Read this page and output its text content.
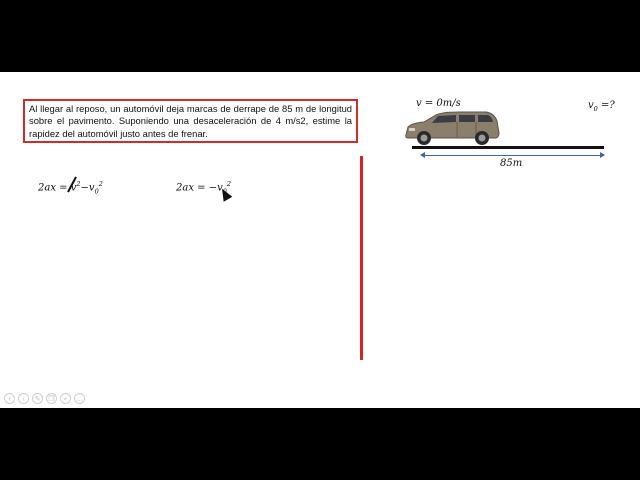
Al llegar al reposo, un automóvil deja marcas de derrape de 85 m de longitud sobre el pavimento. Suponiendo una desaceleración de 4 m/s2, estime la rapidez del automóvil justo antes de frenar.
$2ax = v^2-v_0^2$	$2ax = -v_0^2$
v = 0m/s	$v_0$ =?
85m
‹	›	✎	❐	⌕	…
